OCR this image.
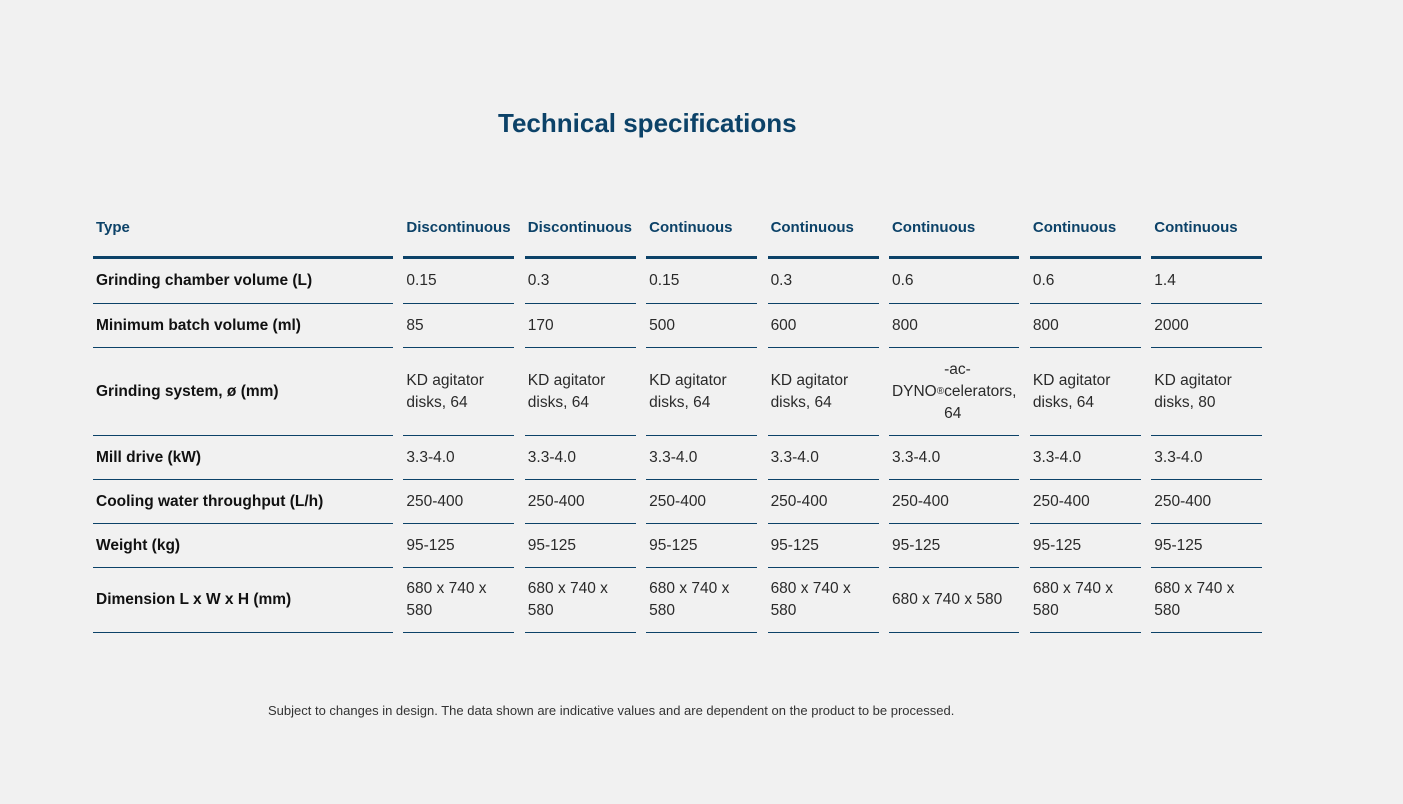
Technical specifications
Type		Discontinuous		Discontinuous		Continuous		Continuous		Continuous		Continuous		Continuous

Grinding chamber volume (L)		0.15		0.3		0.15		0.3		0.6		0.6		1.4

Minimum batch volume (ml)		85		170		500		600		800		800		2000

Grinding system, ø (mm)		KD agitator disks, 64		KD agitator disks, 64		KD agitator disks, 64		KD agitator disks, 64		DYNO ®
-ac-celerators, 64		KD agitator disks, 64		KD agitator disks, 80

Mill drive (kW)		3.3-4.0		3.3-4.0		3.3-4.0		3.3-4.0		3.3-4.0		3.3-4.0		3.3-4.0

Cooling water throughput (L/h)		250-400		250-400		250-400		250-400		250-400		250-400		250-400

Weight (kg)		95-125		95-125		95-125		95-125		95-125		95-125		95-125

Dimension L x W x H (mm)		680 x 740 x 580		680 x 740 x 580		680 x 740 x 580		680 x 740 x 580		680 x 740 x 580		680 x 740 x 580		680 x 740 x 580
Subject to changes in design. The data shown are indicative values and are dependent on the product to be processed.
